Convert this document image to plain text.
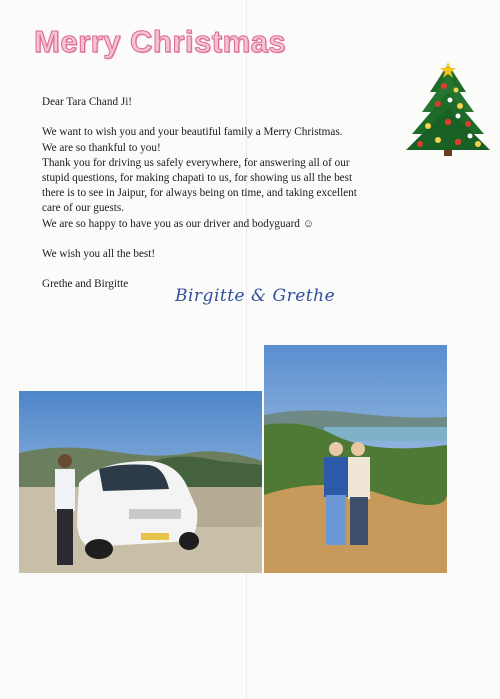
Merry Christmas

Dear Tara Chand Ji!

We want to wish you and your beautiful family a Merry Christmas.

We are so thankful to you!

Thank you for driving us safely everywhere, for answering all of our

stupid questions, for making chapati to us, for showing us all the best

there is to see in Jaipur, for always being on time, and taking excellent

care of our guests.

We are so happy to have you as our driver and bodyguard ☺

We wish you all the best!

Grethe and Birgitte

Birgitte & Grethe
